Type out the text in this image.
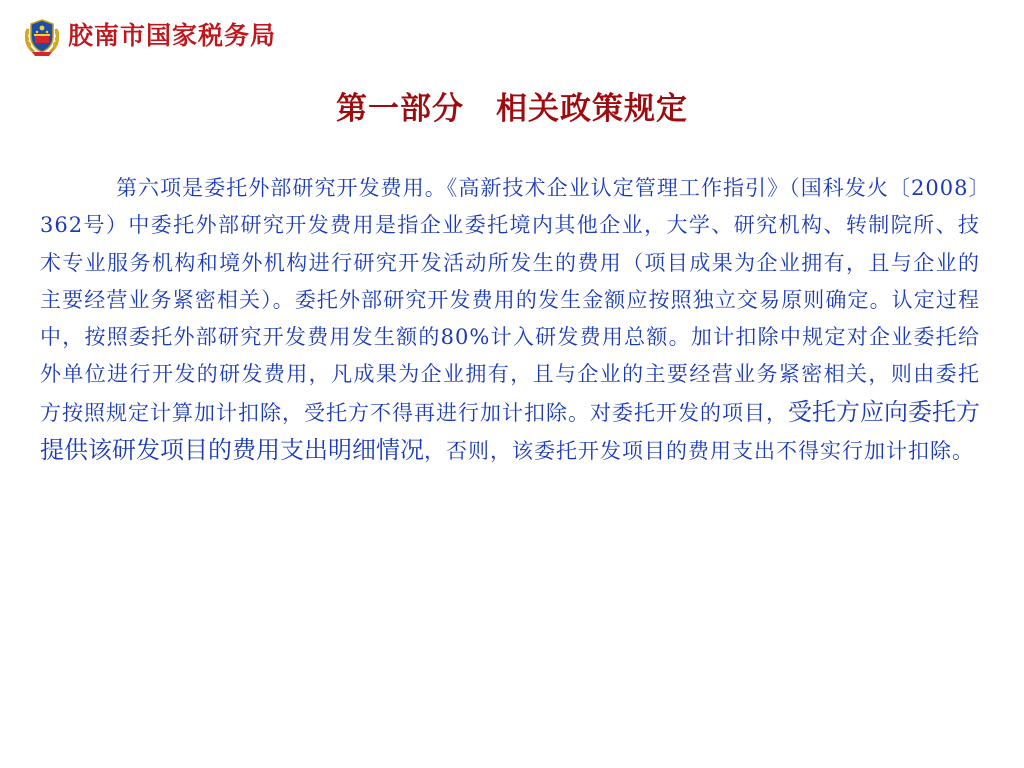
胶南市国家税务局
第一部分　相关政策规定

第六项是委托外部研究开发费用。《高新技术企业认定管理工作指引》（国科发火〔2008〕362号）中委托外部研究开发费用是指企业委托境内其他企业，大学、研究机构、转制院所、技术专业服务机构和境外机构进行研究开发活动所发生的费用（项目成果为企业拥有，且与企业的主要经营业务紧密相关）。委托外部研究开发费用的发生金额应按照独立交易原则确定。认定过程中，按照委托外部研究开发费用发生额的80%计入研发费用总额。加计扣除中规定对企业委托给外单位进行开发的研发费用，凡成果为企业拥有，且与企业的主要经营业务紧密相关，则由委托方按照规定计算加计扣除，受托方不得再进行加计扣除。对委托开发的项目，受托方应向委托方提供该研发项目的费用支出明细情况，否则，该委托开发项目的费用支出不得实行加计扣除。
